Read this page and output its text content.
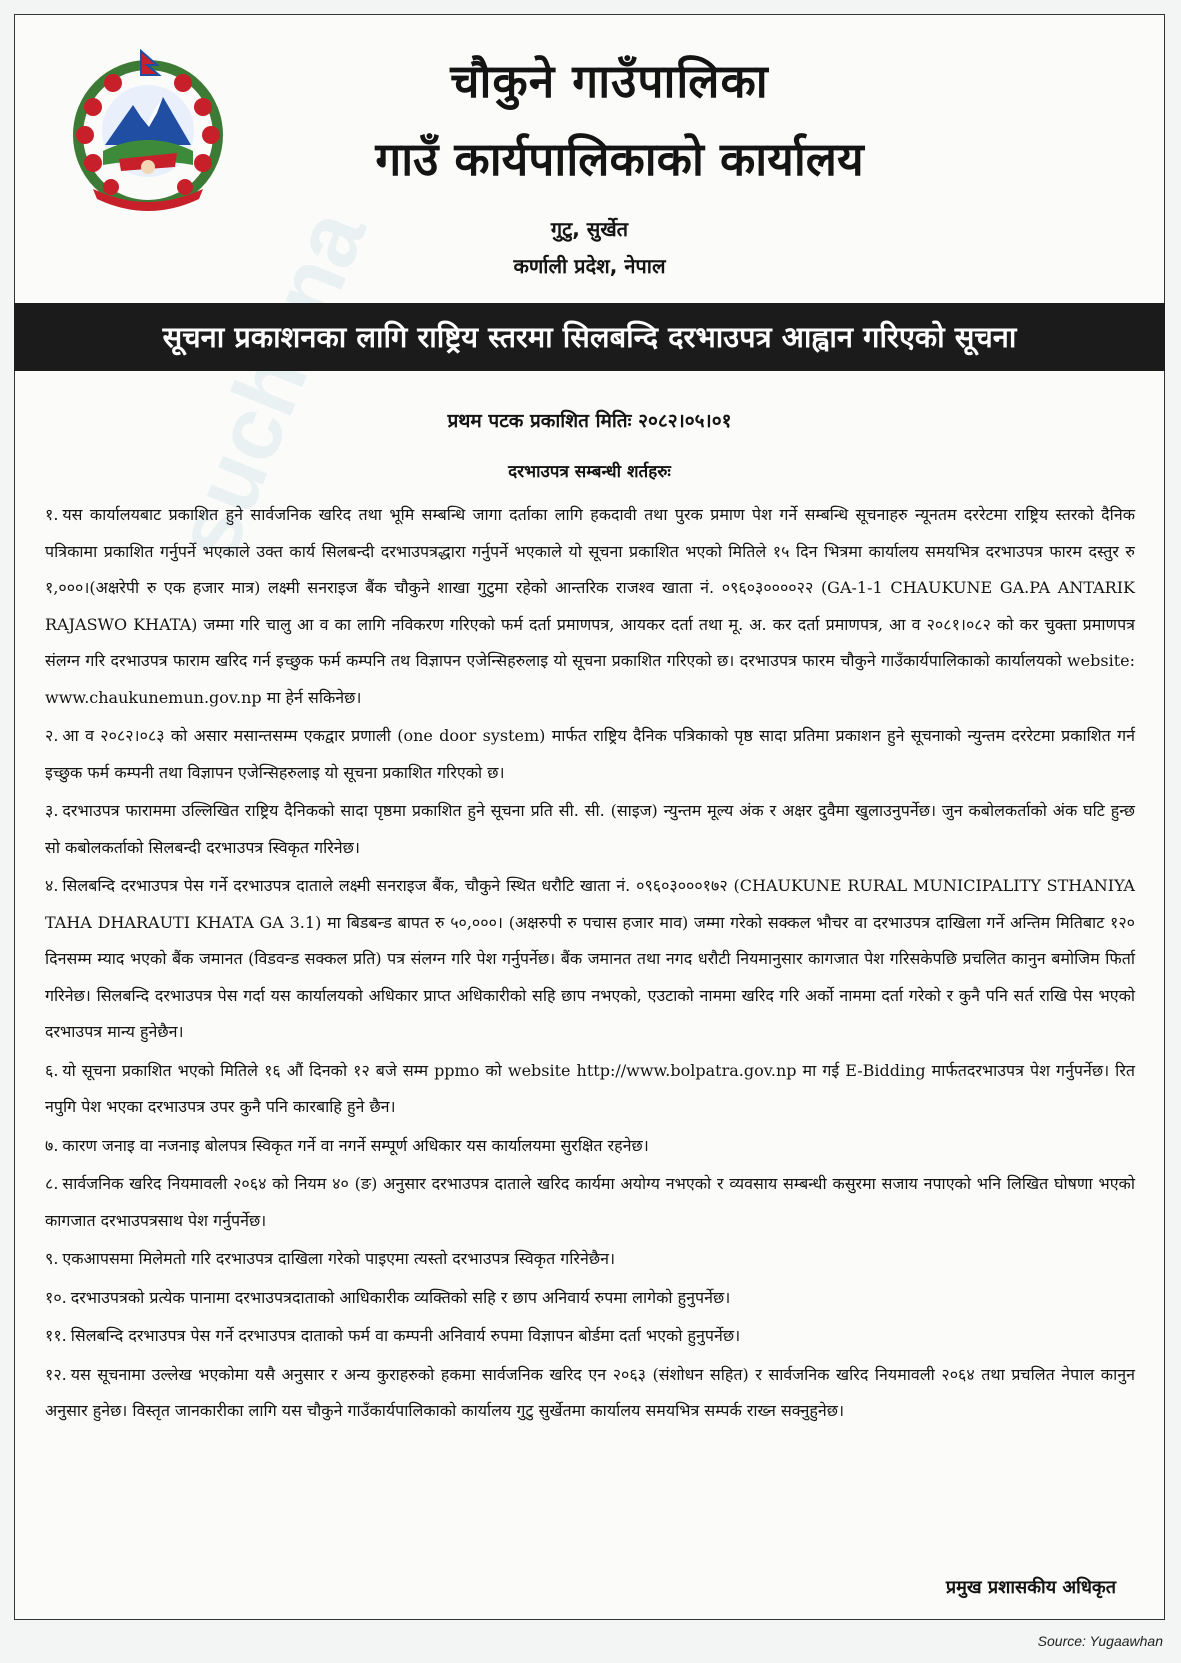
suchana
चौकुने गाउँपालिका
गाउँ कार्यपालिकाको कार्यालय
गुटु, सुर्खेत
कर्णाली प्रदेश, नेपाल
सूचना प्रकाशनका लागि राष्ट्रिय स्तरमा सिलबन्दि दरभाउपत्र आह्वान गरिएको सूचना
प्रथम पटक प्रकाशित मितिः २०८२।०५।०१
दरभाउपत्र सम्बन्धी शर्तहरुः
१. यस कार्यालयबाट प्रकाशित हुने सार्वजनिक खरिद तथा भूमि सम्बन्धि जागा दर्ताका लागि हकदावी तथा पुरक प्रमाण पेश गर्ने सम्बन्धि सूचनाहरु न्यूनतम दररेटमा राष्ट्रिय स्तरको दैनिक पत्रिकामा प्रकाशित गर्नुपर्ने भएकाले उक्त कार्य सिलबन्दी दरभाउपत्रद्धारा गर्नुपर्ने भएकाले यो सूचना प्रकाशित भएको मितिले १५ दिन भित्रमा कार्यालय समयभित्र दरभाउपत्र फारम दस्तुर रु १,०००।(अक्षरेपी रु एक हजार मात्र) लक्ष्मी सनराइज बैंक चौकुने शाखा गुटुमा रहेको आन्तरिक राजश्व खाता नं. ०९६०३००००२२ (GA-1-1 CHAUKUNE GA.PA ANTARIK RAJASWO KHATA) जम्मा गरि चालु आ व का लागि नविकरण गरिएको फर्म दर्ता प्रमाणपत्र, आयकर दर्ता तथा मू. अ. कर दर्ता प्रमाणपत्र, आ व २०८१।०८२ को कर चुक्ता प्रमाणपत्र संलग्न गरि दरभाउपत्र फाराम खरिद गर्न इच्छुक फर्म कम्पनि तथ विज्ञापन एजेन्सिहरुलाइ यो सूचना प्रकाशित गरिएको छ। दरभाउपत्र फारम चौकुने गाउँकार्यपालिकाको कार्यालयको website: www.chaukunemun.gov.np मा हेर्न सकिनेछ।
२. आ व २०८२।०८३ को असार मसान्तसम्म एकद्वार प्रणाली (one door system) मार्फत राष्ट्रिय दैनिक पत्रिकाको पृष्ठ सादा प्रतिमा प्रकाशन हुने सूचनाको न्युन्तम दररेटमा प्रकाशित गर्न इच्छुक फर्म कम्पनी तथा विज्ञापन एजेन्सिहरुलाइ यो सूचना प्रकाशित गरिएको छ।
३. दरभाउपत्र फाराममा उल्लिखित राष्ट्रिय दैनिकको सादा पृष्ठमा प्रकाशित हुने सूचना प्रति सी. सी. (साइज) न्युन्तम मूल्य अंक र अक्षर दुवैमा खुलाउनुपर्नेछ। जुन कबोलकर्ताको अंक घटि हुन्छ सो कबोलकर्ताको सिलबन्दी दरभाउपत्र स्विकृत गरिनेछ।
४. सिलबन्दि दरभाउपत्र पेस गर्ने दरभाउपत्र दाताले लक्ष्मी सनराइज बैंक, चौकुने स्थित धरौटि खाता नं. ०९६०३०००१७२ (CHAUKUNE RURAL MUNICIPALITY STHANIYA TAHA DHARAUTI KHATA GA 3.1) मा बिडबन्ड बापत रु ५०,०००। (अक्षरुपी रु पचास हजार माव) जम्मा गरेको सक्कल भौचर वा दरभाउपत्र दाखिला गर्ने अन्तिम मितिबाट १२० दिनसम्म म्याद भएको बैंक जमानत (विडवन्ड सक्कल प्रति) पत्र संलग्न गरि पेश गर्नुपर्नेछ। बैंक जमानत तथा नगद धरौटी नियमानुसार कागजात पेश गरिसकेपछि प्रचलित कानुन बमोजिम फिर्ता गरिनेछ। सिलबन्दि दरभाउपत्र पेस गर्दा यस कार्यालयको अधिकार प्राप्त अधिकारीको सहि छाप नभएको, एउटाको नाममा खरिद गरि अर्को नाममा दर्ता गरेको र कुनै पनि सर्त राखि पेस भएको दरभाउपत्र मान्य हुनेछैन।
६. यो सूचना प्रकाशित भएको मितिले १६ औं दिनको १२ बजे सम्म ppmo को website http://www.bolpatra.gov.np मा गई E-Bidding मार्फतदरभाउपत्र पेश गर्नुपर्नेछ। रित नपुगि पेश भएका दरभाउपत्र उपर कुनै पनि कारबाहि हुने छैन।
७. कारण जनाइ वा नजनाइ बोलपत्र स्विकृत गर्ने वा नगर्ने सम्पूर्ण अधिकार यस कार्यालयमा सुरक्षित रहनेछ।
८. सार्वजनिक खरिद नियमावली २०६४ को नियम ४० (ङ) अनुसार दरभाउपत्र दाताले खरिद कार्यमा अयोग्य नभएको र व्यवसाय सम्बन्धी कसुरमा सजाय नपाएको भनि लिखित घोषणा भएको कागजात दरभाउपत्रसाथ पेश गर्नुपर्नेछ।
९. एकआपसमा मिलेमतो गरि दरभाउपत्र दाखिला गरेको पाइएमा त्यस्तो दरभाउपत्र स्विकृत गरिनेछैन।
१०. दरभाउपत्रको प्रत्येक पानामा दरभाउपत्रदाताको आधिकारीक व्यक्तिको सहि र छाप अनिवार्य रुपमा लागेको हुनुपर्नेछ।
११. सिलबन्दि दरभाउपत्र पेस गर्ने दरभाउपत्र दाताको फर्म वा कम्पनी अनिवार्य रुपमा विज्ञापन बोर्डमा दर्ता भएको हुनुपर्नेछ।
१२. यस सूचनामा उल्लेख भएकोमा यसै अनुसार र अन्य कुराहरुको हकमा सार्वजनिक खरिद एन २०६३ (संशोधन सहित) र सार्वजनिक खरिद नियमावली २०६४ तथा प्रचलित नेपाल कानुन अनुसार हुनेछ। विस्तृत जानकारीका लागि यस चौकुने गाउँकार्यपालिकाको कार्यालय गुटु सुर्खेतमा कार्यालय समयभित्र सम्पर्क राख्न सक्नुहुनेछ।
प्रमुख प्रशासकीय अधिकृत
Source: Yugaawhan
